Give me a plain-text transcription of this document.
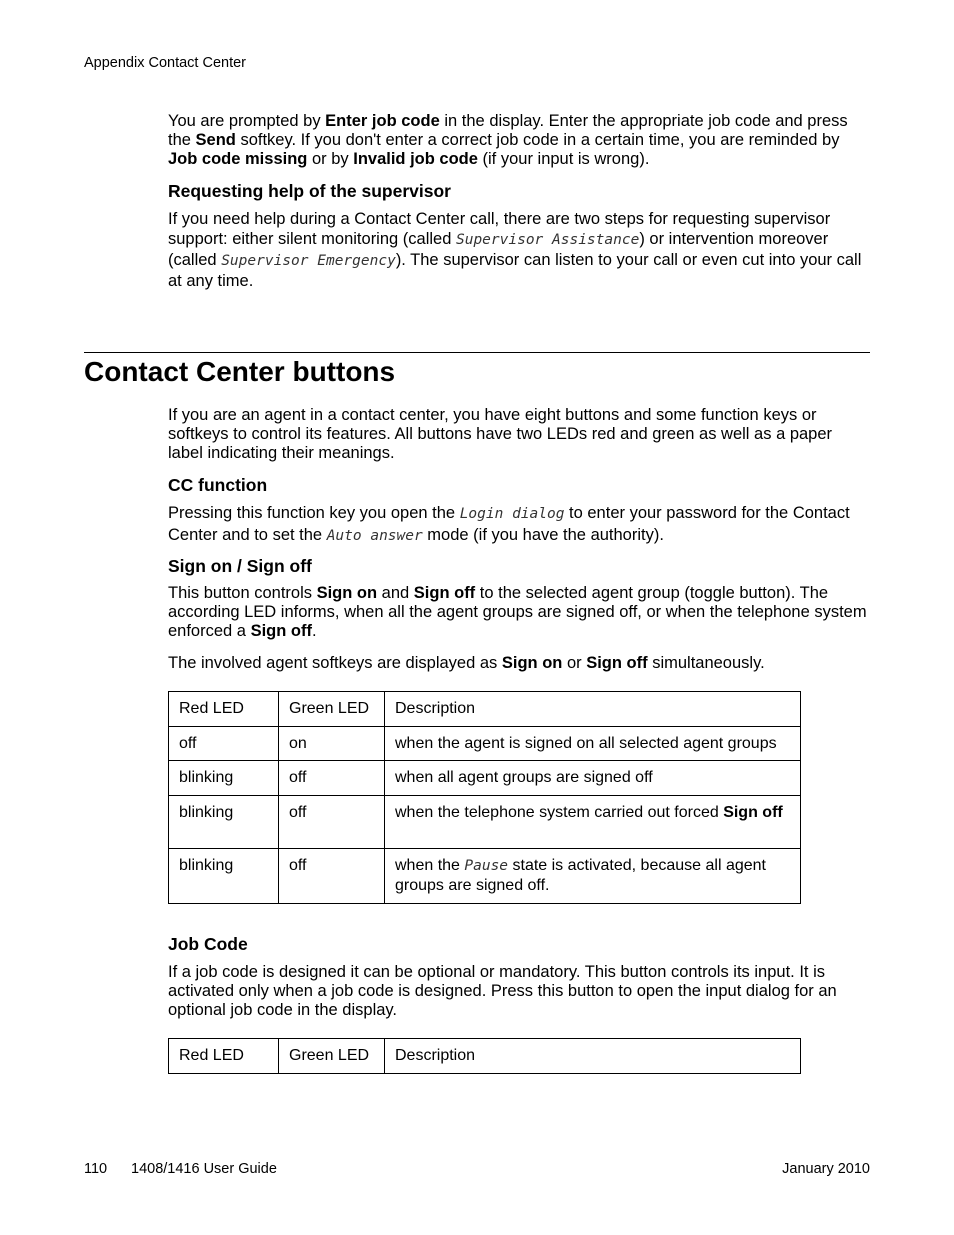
Appendix Contact Center
You are prompted by Enter job code in the display. Enter the appropriate job code and press the Send softkey. If you don't enter a correct job code in a certain time, you are reminded by Job code missing or by Invalid job code (if your input is wrong).
Requesting help of the supervisor
If you need help during a Contact Center call, there are two steps for requesting supervisor support: either silent monitoring (called Supervisor Assistance) or intervention moreover (called Supervisor Emergency). The supervisor can listen to your call or even cut into your call at any time.
Contact Center buttons
If you are an agent in a contact center, you have eight buttons and some function keys or softkeys to control its features. All buttons have two LEDs red and green as well as a paper label indicating their meanings.
CC function
Pressing this function key you open the Login dialog to enter your password for the Contact Center and to set the Auto answer mode (if you have the authority).
Sign on / Sign off
This button controls Sign on and Sign off to the selected agent group (toggle button). The according LED informs, when all the agent groups are signed off, or when the telephone system enforced a Sign off.
The involved agent softkeys are displayed as Sign on or Sign off simultaneously.
Red LED	Green LED	Description
off	on	when the agent is signed on all selected agent groups
blinking	off	when all agent groups are signed off
blinking	off	when the telephone system carried out forced Sign off
blinking	off	when the Pause state is activated, because all agent groups are signed off.
Job Code
If a job code is designed it can be optional or mandatory. This button controls its input. It is activated only when a job code is designed. Press this button to open the input dialog for an optional job code in the display.
Red LED	Green LED	Description
110 1408/1416 User Guide	January 2010
